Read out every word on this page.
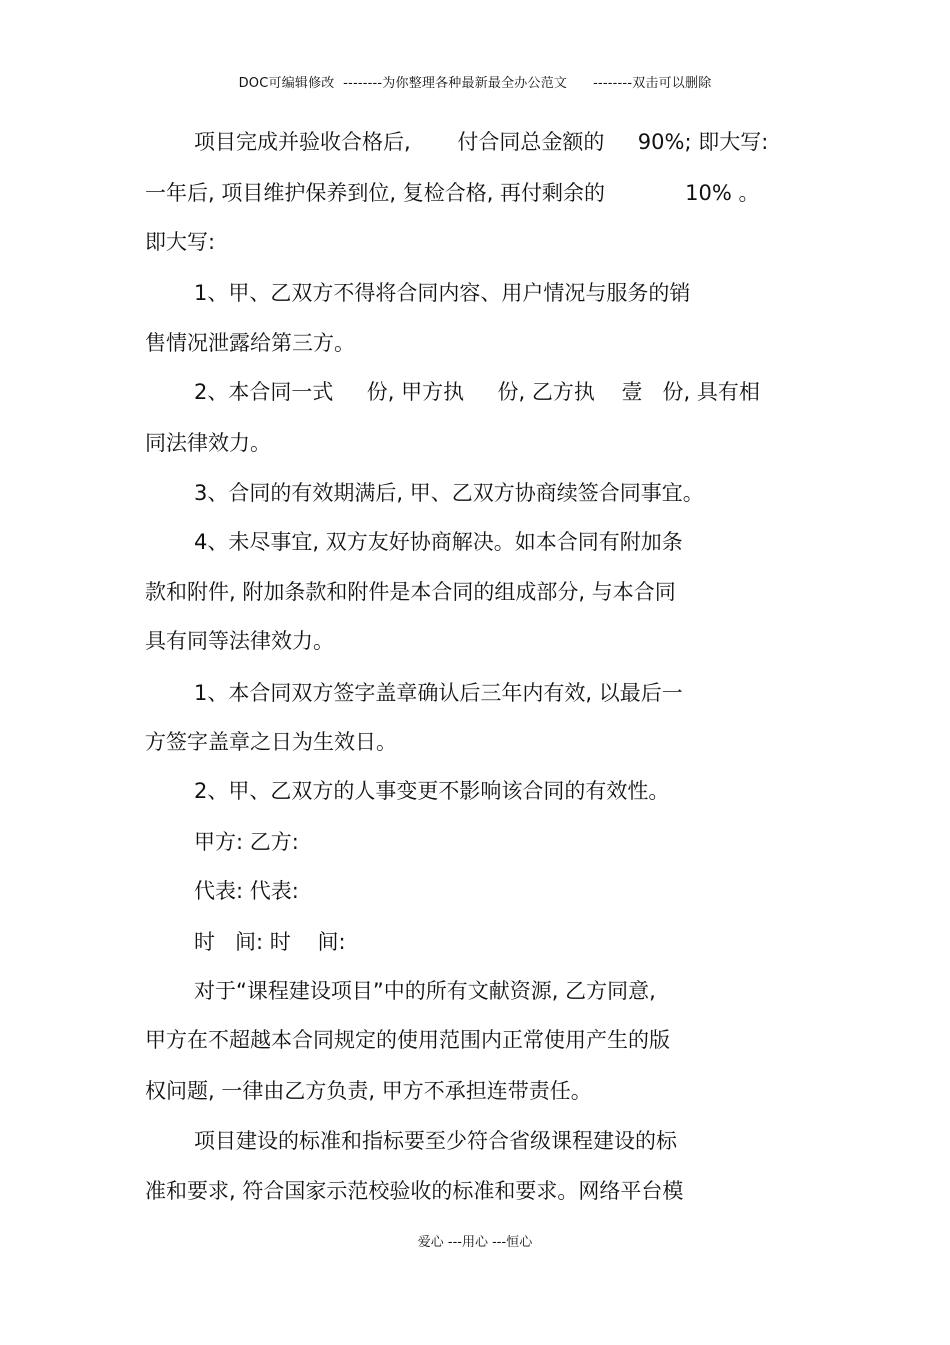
DOC可编辑修改  --------为你整理各种最新最全办公范文      --------双击可以删除
项目完成并验收合格后,       付合同总金额的     90%; 即大写:
一年后, 项目维护保养到位, 复检合格, 再付剩余的            10% 。
即大写:
1、甲、乙双方不得将合同内容、用户情况与服务的销
售情况泄露给第三方。
2、本合同一式     份, 甲方执     份, 乙方执    壹   份, 具有相
同法律效力。
3、合同的有效期满后, 甲、乙双方协商续签合同事宜。
4、未尽事宜, 双方友好协商解决。如本合同有附加条
款和附件, 附加条款和附件是本合同的组成部分, 与本合同
具有同等法律效力。
1、本合同双方签字盖章确认后三年内有效, 以最后一
方签字盖章之日为生效日。
2、甲、乙双方的人事变更不影响该合同的有效性。
甲方: 乙方:
代表: 代表:
时   间: 时    间:
对于“课程建设项目”中的所有文献资源, 乙方同意,
甲方在不超越本合同规定的使用范围内正常使用产生的版
权问题, 一律由乙方负责, 甲方不承担连带责任。
项目建设的标准和指标要至少符合省级课程建设的标
准和要求, 符合国家示范校验收的标准和要求。网络平台模
爱心 ---用心 ---恒心
